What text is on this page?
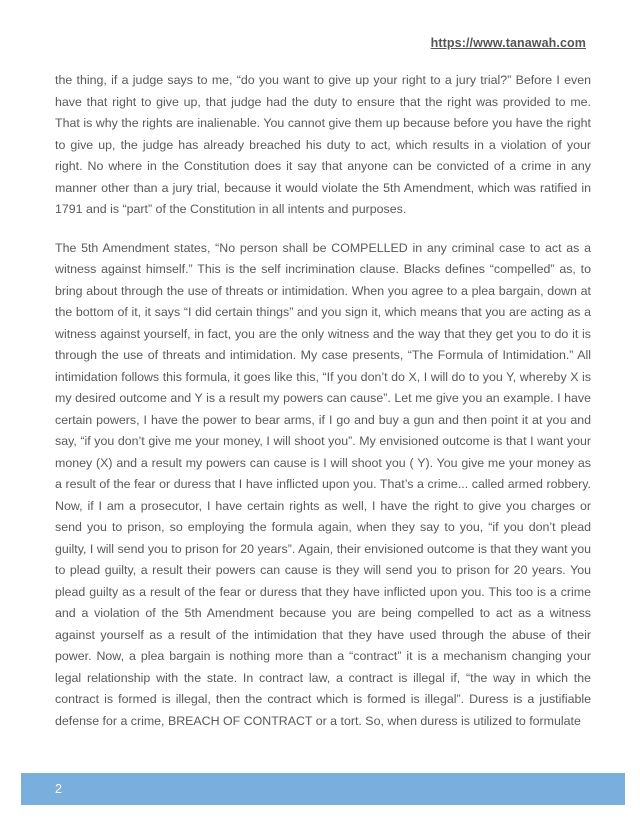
https://www.tanawah.com

the thing, if a judge says to me, “do you want to give up your right to a jury trial?” Before I even have that right to give up, that judge had the duty to ensure that the right was provided to me. That is why the rights are inalienable. You cannot give them up because before you have the right to give up, the judge has already breached his duty to act, which results in a violation of your right. No where in the Constitution does it say that anyone can be convicted of a crime in any manner other than a jury trial, because it would violate the 5th Amendment, which was ratified in 1791 and is “part” of the Constitution in all intents and purposes.

The 5th Amendment states, “No person shall be COMPELLED in any criminal case to act as a witness against himself.” This is the self incrimination clause. Blacks defines “compelled” as, to bring about through the use of threats or intimidation. When you agree to a plea bargain, down at the bottom of it, it says “I did certain things” and you sign it, which means that you are acting as a witness against yourself, in fact, you are the only witness and the way that they get you to do it is through the use of threats and intimidation. My case presents, “The Formula of Intimidation.” All intimidation follows this formula, it goes like this, “If you don’t do X, I will do to you Y, whereby X is my desired outcome and Y is a result my powers can cause”. Let me give you an example. I have certain powers, I have the power to bear arms, if I go and buy a gun and then point it at you and say, “if you don’t give me your money, I will shoot you”. My envisioned outcome is that I want your money (X) and a result my powers can cause is I will shoot you ( Y). You give me your money as a result of the fear or duress that I have inflicted upon you. That’s a crime... called armed robbery. Now, if I am a prosecutor, I have certain rights as well, I have the right to give you charges or send you to prison, so employing the formula again, when they say to you, “if you don’t plead guilty, I will send you to prison for 20 years”. Again, their envisioned outcome is that they want you to plead guilty, a result their powers can cause is they will send you to prison for 20 years. You plead guilty as a result of the fear or duress that they have inflicted upon you. This too is a crime and a violation of the 5th Amendment because you are being compelled to act as a witness against yourself as a result of the intimidation that they have used through the abuse of their power. Now, a plea bargain is nothing more than a “contract” it is a mechanism changing your legal relationship with the state. In contract law, a contract is illegal if, “the way in which the contract is formed is illegal, then the contract which is formed is illegal”. Duress is a justifiable defense for a crime, BREACH OF CONTRACT or a tort. So, when duress is utilized to formulate

2
